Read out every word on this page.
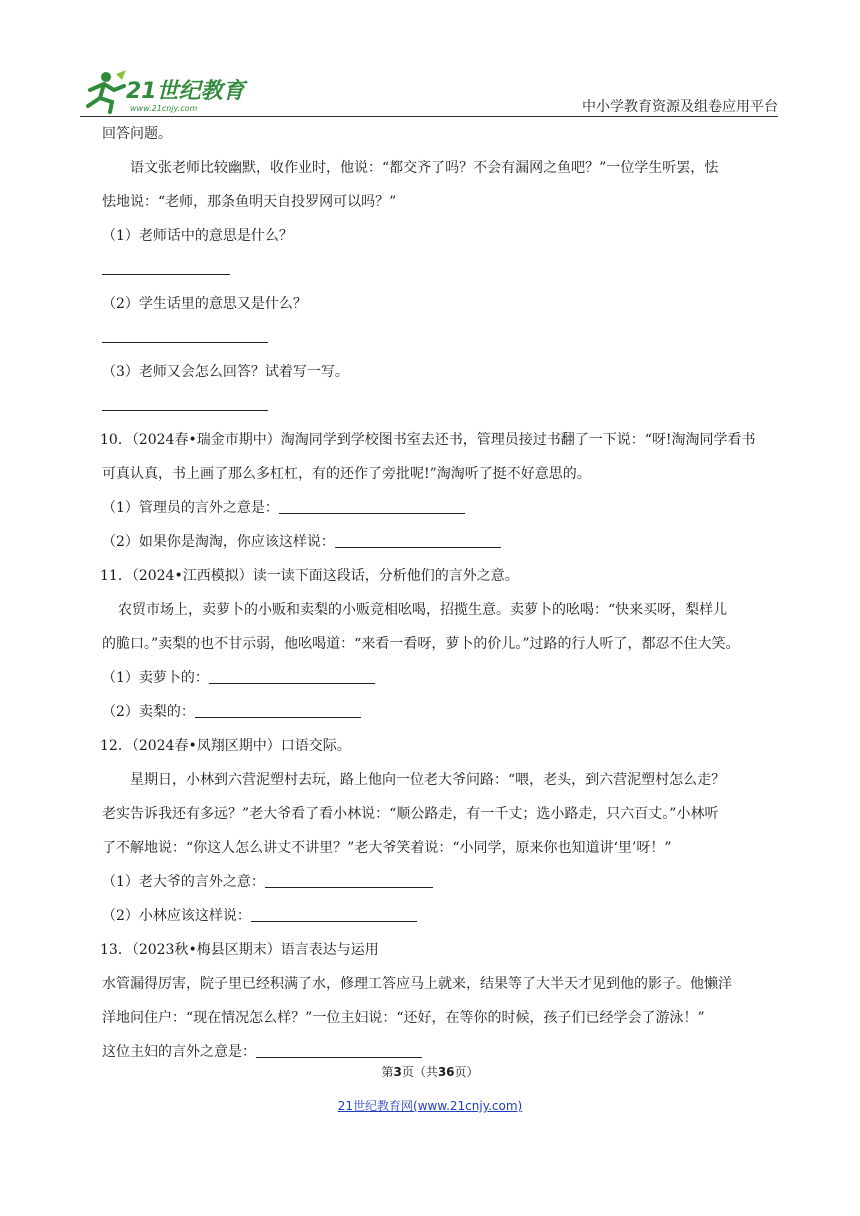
21世纪教育
www.21cnjy.com	中小学教育资源及组卷应用平台
回答问题。
语文张老师比较幽默，收作业时，他说：“都交齐了吗？不会有漏网之鱼吧？”一位学生听罢，怯
怯地说：“老师，那条鱼明天自投罗网可以吗？”
（1）老师话中的意思是什么？
（2）学生话里的意思又是什么？
（3）老师又会怎么回答？试着写一写。
10．（2024春•瑞金市期中）淘淘同学到学校图书室去还书，管理员接过书翻了一下说：“呀!淘淘同学看书
可真认真，书上画了那么多杠杠，有的还作了旁批呢!”淘淘听了挺不好意思的。
（1）管理员的言外之意是：
（2）如果你是淘淘，你应该这样说：
11．（2024•江西模拟）读一读下面这段话，分析他们的言外之意。
农贸市场上，卖萝卜的小贩和卖梨的小贩竞相吆喝，招揽生意。卖萝卜的吆喝：“快来买呀，梨样儿
的脆口。”卖梨的也不甘示弱，他吆喝道：“来看一看呀，萝卜的价儿。”过路的行人听了，都忍不住大笑。
（1）卖萝卜的：
（2）卖梨的：
12．（2024春•凤翔区期中）口语交际。
星期日，小林到六营泥塑村去玩，路上他向一位老大爷问路：“喂，老头，到六营泥塑村怎么走？
老实告诉我还有多远？”老大爷看了看小林说：“顺公路走，有一千丈；选小路走，只六百丈。”小林听
了不解地说：“你这人怎么讲丈不讲里？”老大爷笑着说：“小同学，原来你也知道讲‘里’呀！”
（1）老大爷的言外之意：
（2）小林应该这样说：
13．（2023秋•梅县区期末）语言表达与运用
水管漏得厉害，院子里已经积满了水，修理工答应马上就来，结果等了大半天才见到他的影子。他懒洋
洋地问住户：“现在情况怎么样？”一位主妇说：“还好，在等你的时候，孩子们已经学会了游泳！”
这位主妇的言外之意是：
第3页（共36页）
21世纪教育网(www.21cnjy.com)
